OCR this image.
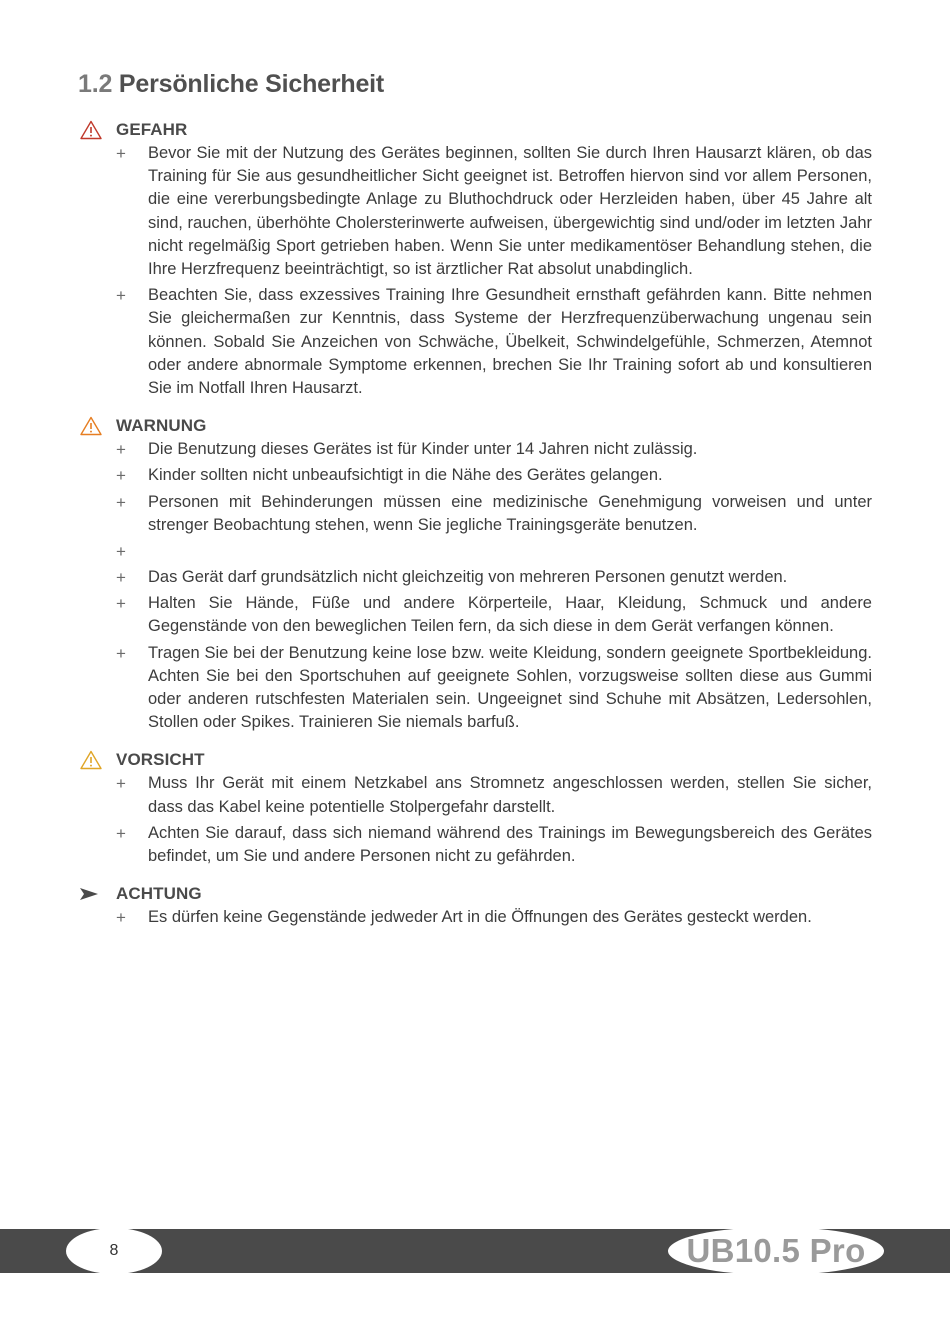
1.2 Persönliche Sicherheit
GEFAHR
+ Bevor Sie mit der Nutzung des Gerätes beginnen, sollten Sie durch Ihren Hausarzt klären, ob das Training für Sie aus gesundheitlicher Sicht geeignet ist. Betroffen hiervon sind vor allem Personen, die eine vererbungsbedingte Anlage zu Bluthochdruck oder Herzleiden haben, über 45 Jahre alt sind, rauchen, überhöhte Cholersterinwerte aufweisen, übergewichtig sind und/oder im letzten Jahr nicht regelmäßig Sport getrieben haben. Wenn Sie unter medikamentöser Behandlung stehen, die Ihre Herzfrequenz beeinträchtigt, so ist ärztlicher Rat absolut unabdinglich.
+ Beachten Sie, dass exzessives Training Ihre Gesundheit ernsthaft gefährden kann. Bitte nehmen Sie gleichermaßen zur Kenntnis, dass Systeme der Herzfrequenzüberwachung ungenau sein können. Sobald Sie Anzeichen von Schwäche, Übelkeit, Schwindelgefühle, Schmerzen, Atemnot oder andere abnormale Symptome erkennen, brechen Sie Ihr Training sofort ab und konsultieren Sie im Notfall Ihren Hausarzt.
WARNUNG
+ Die Benutzung dieses Gerätes ist für Kinder unter 14 Jahren nicht zulässig.
+ Kinder sollten nicht unbeaufsichtigt in die Nähe des Gerätes gelangen.
+ Personen mit Behinderungen müssen eine medizinische Genehmigung vorweisen und unter strenger Beobachtung stehen, wenn Sie jegliche Trainingsgeräte benutzen.
+
+ Das Gerät darf grundsätzlich nicht gleichzeitig von mehreren Personen genutzt werden.
+ Halten Sie Hände, Füße und andere Körperteile, Haar, Kleidung, Schmuck und andere Gegenstände von den beweglichen Teilen fern, da sich diese in dem Gerät verfangen können.
+ Tragen Sie bei der Benutzung keine lose bzw. weite Kleidung, sondern geeignete Sportbekleidung. Achten Sie bei den Sportschuhen auf geeignete Sohlen, vorzugsweise sollten diese aus Gummi oder anderen rutschfesten Materialen sein. Ungeeignet sind Schuhe mit Absätzen, Ledersohlen, Stollen oder Spikes. Trainieren Sie niemals barfuß.
VORSICHT
+ Muss Ihr Gerät mit einem Netzkabel ans Stromnetz angeschlossen werden, stellen Sie sicher, dass das Kabel keine potentielle Stolpergefahr darstellt.
+ Achten Sie darauf, dass sich niemand während des Trainings im Bewegungsbereich des Gerätes befindet, um Sie und andere Personen nicht zu gefährden.
ACHTUNG
+ Es dürfen keine Gegenstände jedweder Art in die Öffnungen des Gerätes gesteckt werden.
8	UB10.5 Pro
